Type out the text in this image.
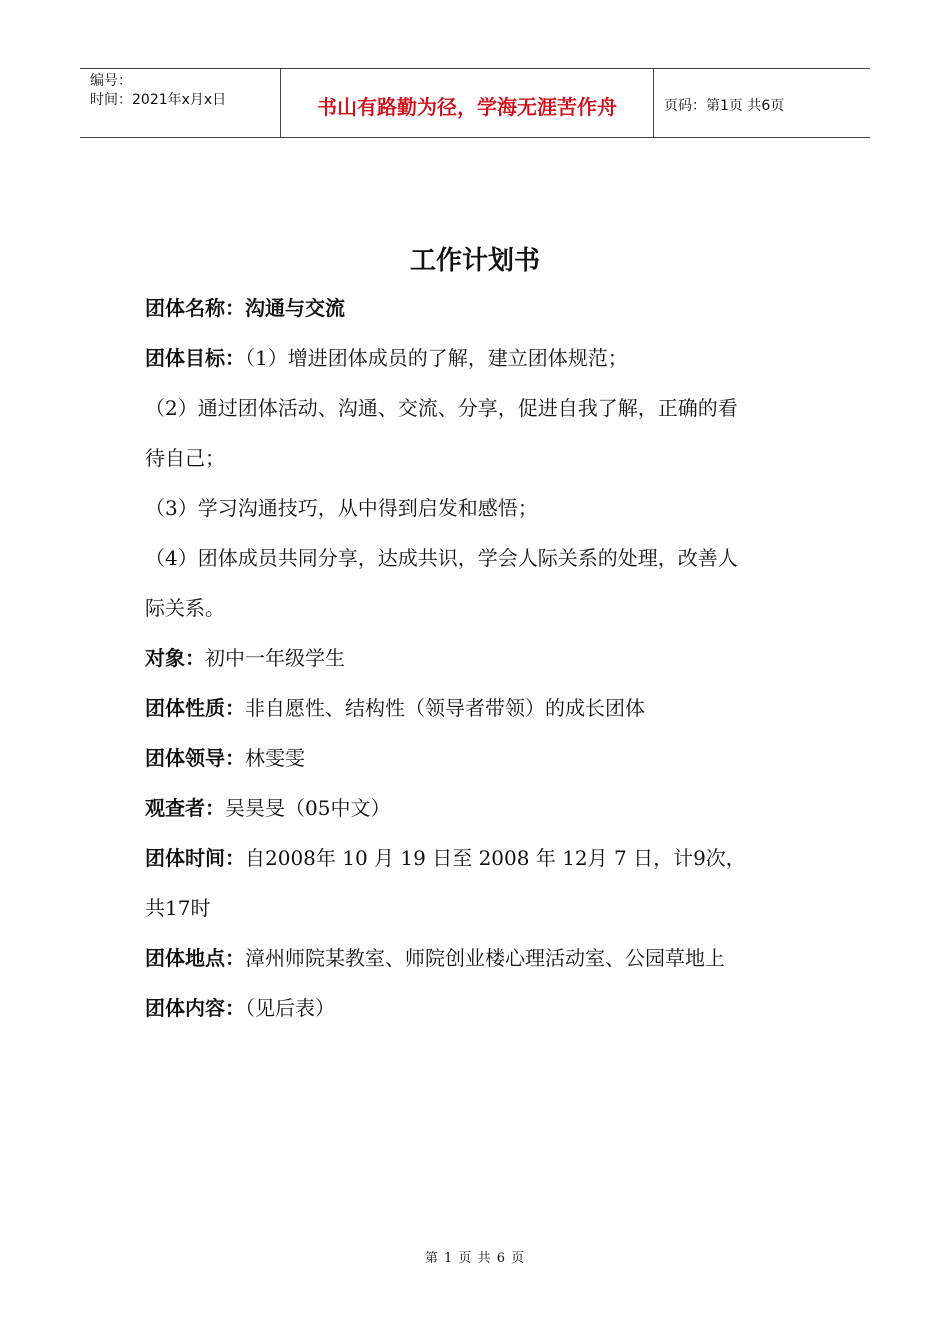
编号：
时间：2021年x月x日	书山有路勤为径，学海无涯苦作舟	页码：第1页 共6页
工作计划书
团体名称：沟通与交流
团体目标：（1）增进团体成员的了解，建立团体规范；
（2）通过团体活动、沟通、交流、分享，促进自我了解，正确的看
待自己；
（3）学习沟通技巧，从中得到启发和感悟；
（4）团体成员共同分享，达成共识，学会人际关系的处理，改善人
际关系。
对象：初中一年级学生
团体性质：非自愿性、结构性（领导者带领）的成长团体
团体领导：林雯雯
观查者：吴昊旻（05中文）
团体时间：自2008年 10 月 19 日至 2008 年 12月 7 日，计9次，
共17时
团体地点：漳州师院某教室、师院创业楼心理活动室、公园草地上
团体内容：（见后表）
第 1 页 共 6 页
